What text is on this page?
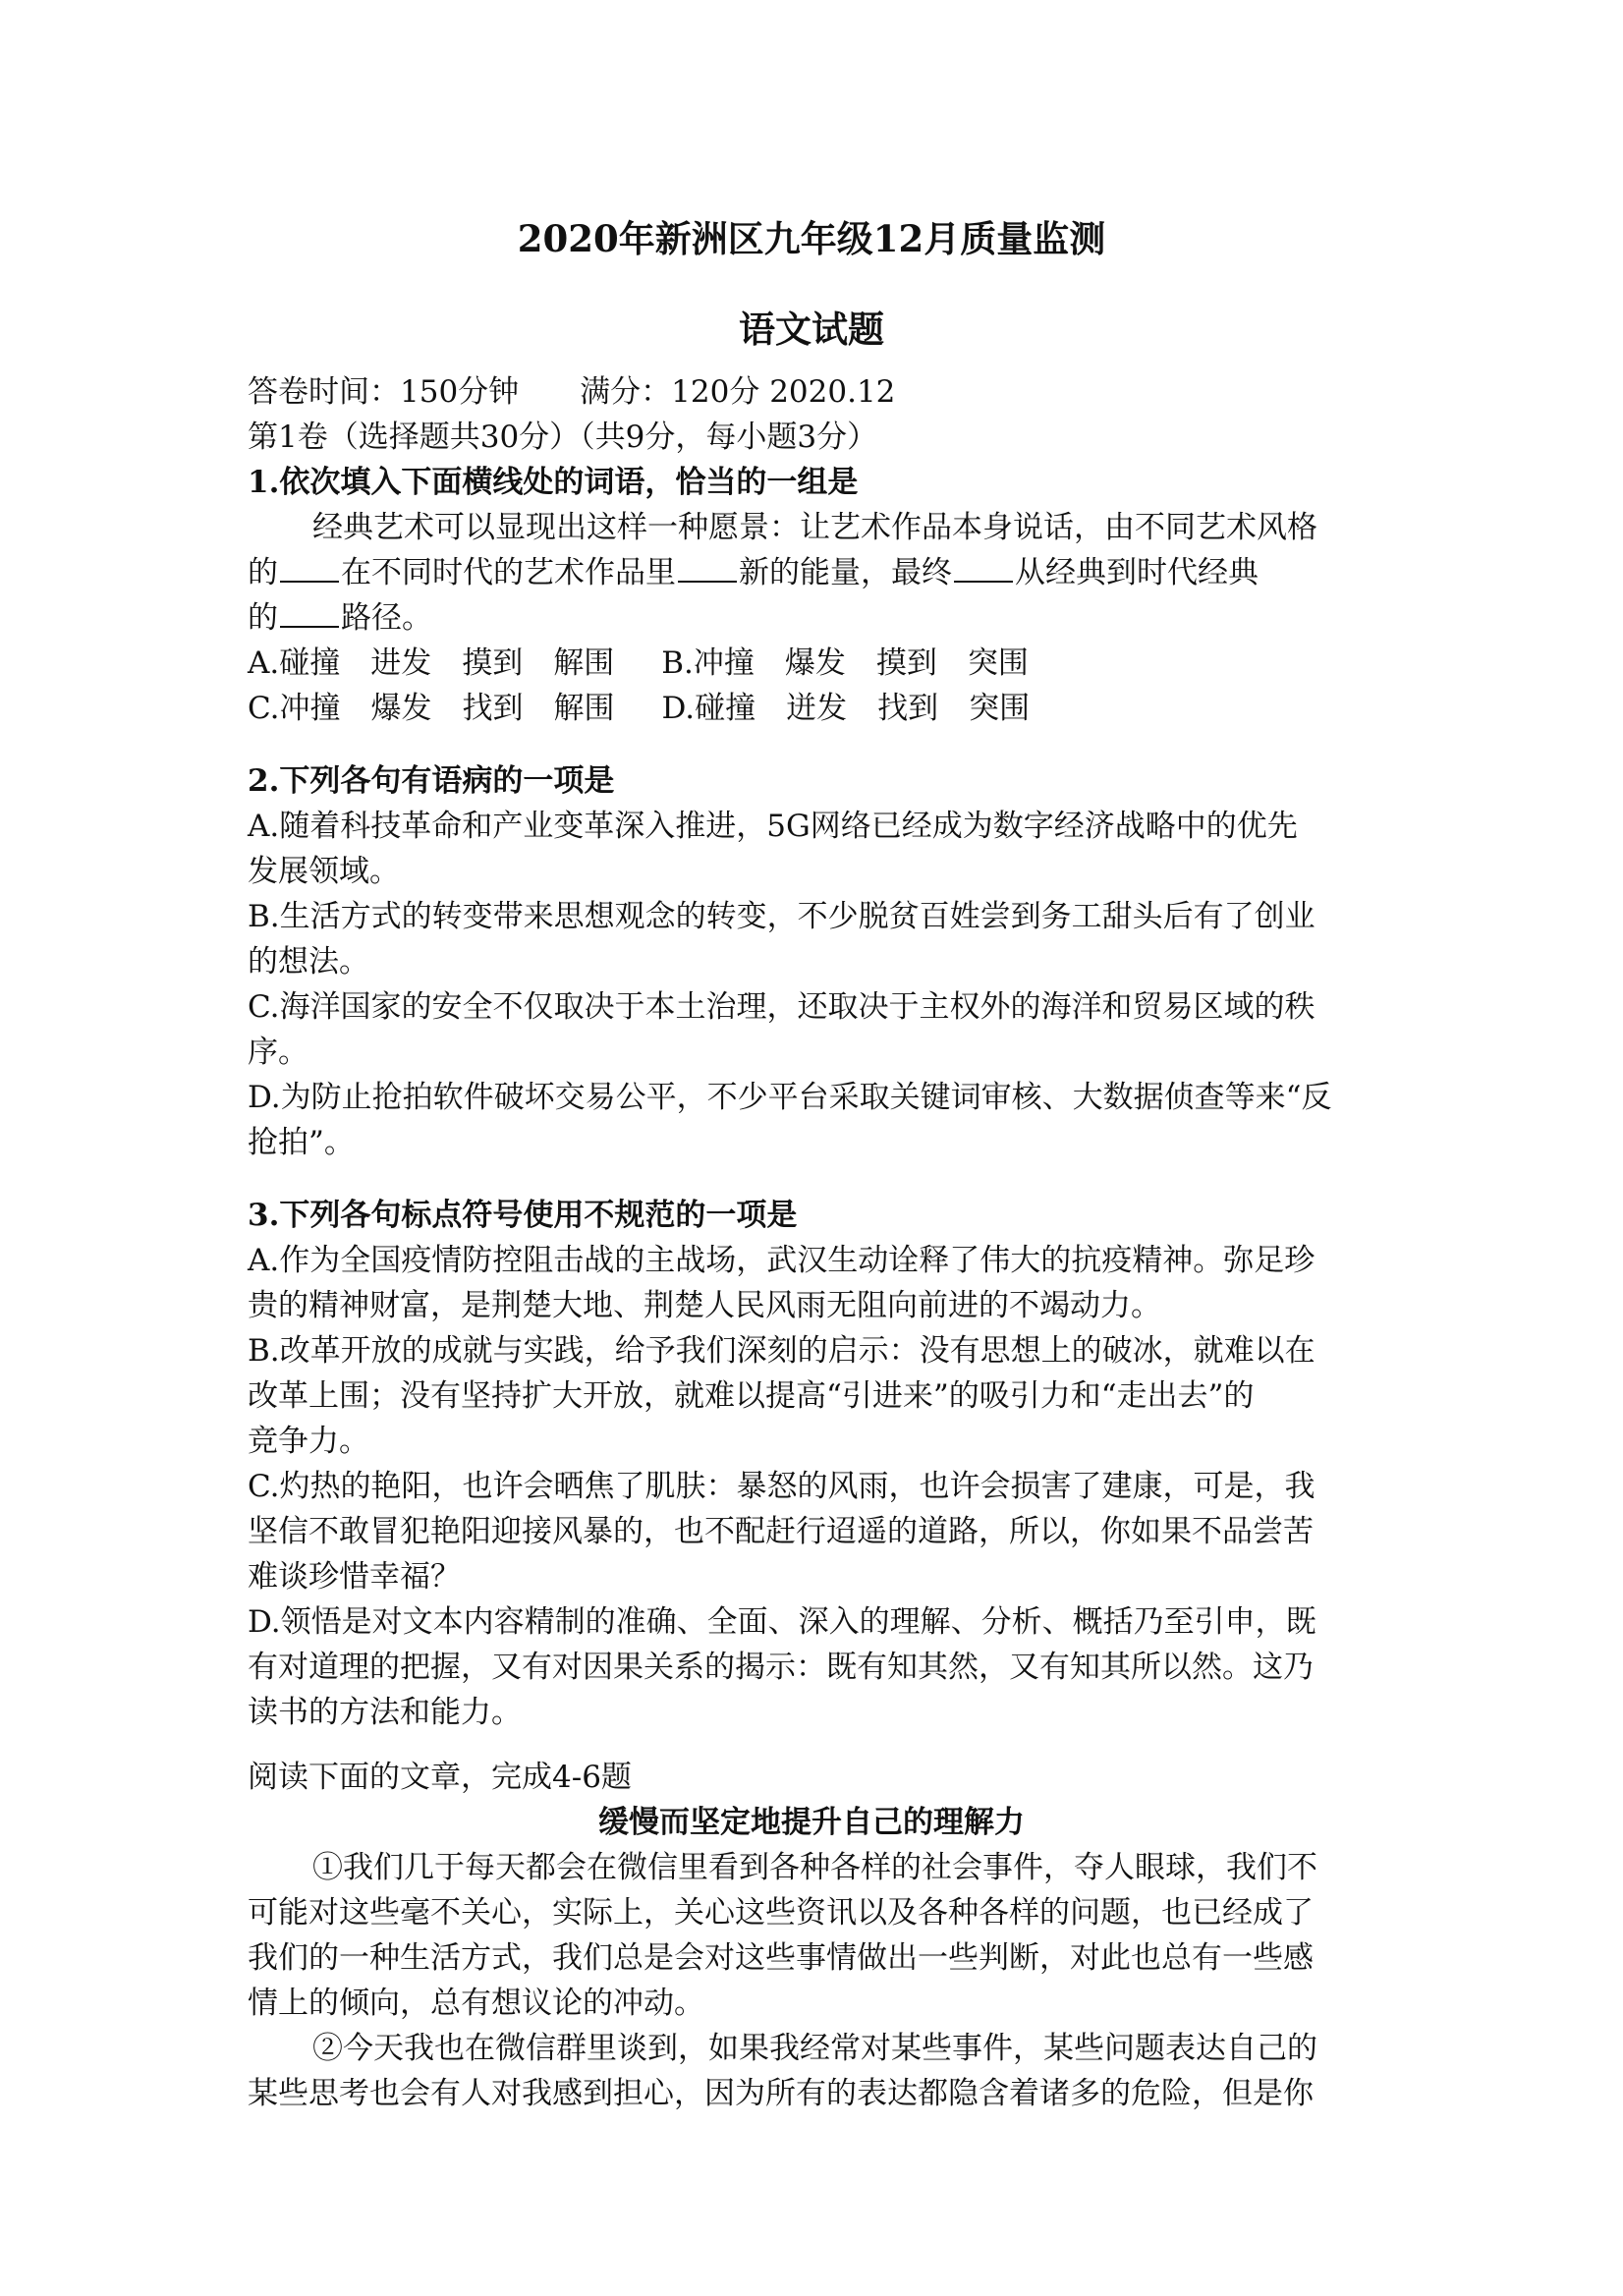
2020年新洲区九年级12月质量监测
语文试题
答卷时间：150分钟　　满分：120分 2020.12
第1卷（选择题共30分）（共9分，每小题3分）
1.依次填入下面横线处的词语，恰当的一组是
经典艺术可以显现出这样一种愿景：让艺术作品本身说话，由不同艺术风格
的 在不同时代的艺术作品里 新的能量，最终 从经典到时代经典
的 路径。
A.碰撞　进发　摸到　解围 B.冲撞　爆发　摸到　突围
C.冲撞　爆发　找到　解围 D.碰撞　迸发　找到　突围
2.下列各句有语病的一项是
A.随着科技革命和产业变革深入推进，5G网络已经成为数字经济战略中的优先
发展领域。
B.生活方式的转变带来思想观念的转变，不少脱贫百姓尝到务工甜头后有了创业
的想法。
C.海洋国家的安全不仅取决于本土治理，还取决于主权外的海洋和贸易区域的秩
序。
D.为防止抢拍软件破坏交易公平，不少平台采取关键词审核、大数据侦查等来“反
抢拍”。
3.下列各句标点符号使用不规范的一项是
A.作为全国疫情防控阻击战的主战场，武汉生动诠释了伟大的抗疫精神。弥足珍
贵的精神财富，是荆楚大地、荆楚人民风雨无阻向前进的不竭动力。
B.改革开放的成就与实践，给予我们深刻的启示：没有思想上的破冰，就难以在
改革上围；没有坚持扩大开放，就难以提高“引进来”的吸引力和“走出去”的
竞争力。
C.灼热的艳阳，也许会晒焦了肌肤：暴怒的风雨，也许会损害了建康，可是，我
坚信不敢冒犯艳阳迎接风暴的，也不配赶行迢遥的道路，所以，你如果不品尝苦
难谈珍惜幸福？
D.领悟是对文本内容精制的准确、全面、深入的理解、分析、概括乃至引申，既
有对道理的把握，又有对因果关系的揭示：既有知其然，又有知其所以然。这乃
读书的方法和能力。
阅读下面的文章，完成4-6题
缓慢而坚定地提升自己的理解力
①我们几于每天都会在微信里看到各种各样的社会事件，夺人眼球，我们不
可能对这些毫不关心，实际上，关心这些资讯以及各种各样的问题，也已经成了
我们的一种生活方式，我们总是会对这些事情做出一些判断，对此也总有一些感
情上的倾向，总有想议论的冲动。
②今天我也在微信群里谈到，如果我经常对某些事件，某些问题表达自己的
某些思考也会有人对我感到担心，因为所有的表达都隐含着诸多的危险，但是你
